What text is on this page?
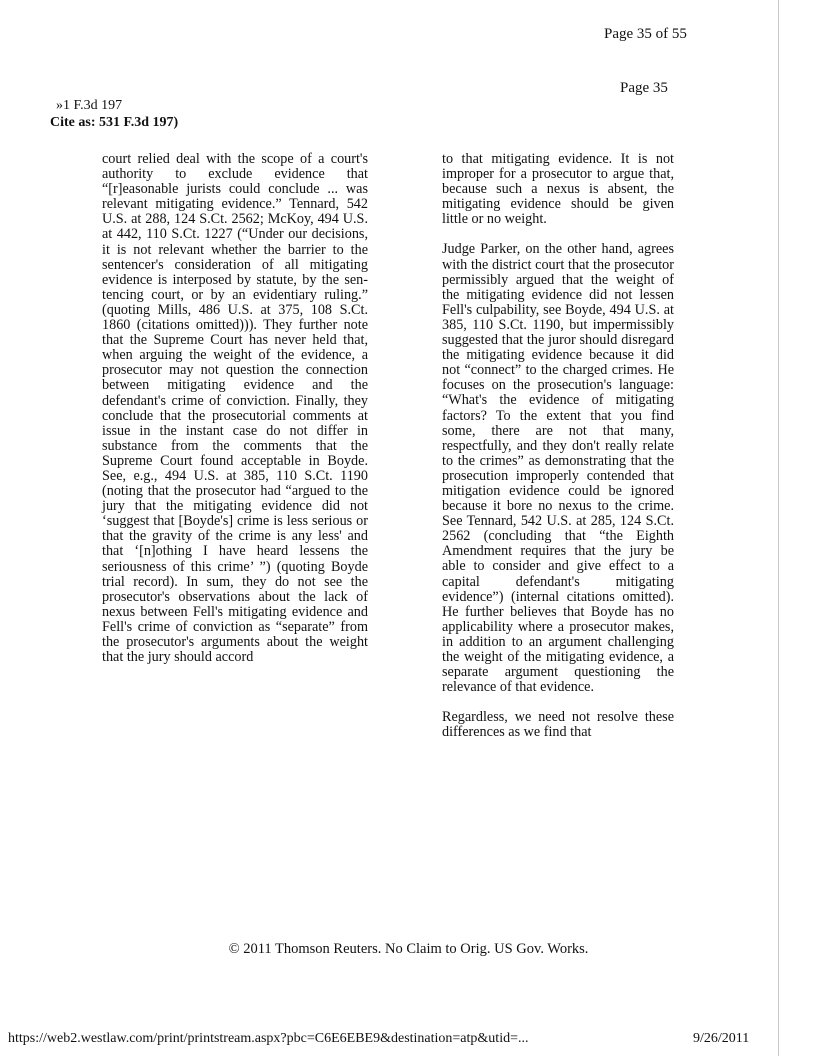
Page 35 of 55
Page 35
»1 F.3d 197
Cite as: 531 F.3d 197)

court relied deal with the scope of a court's authority to exclude evidence that “[r]easonable jurists could conclude ... was relevant mitigating evidence.” Tennard, 542 U.S. at 288, 124 S.Ct. 2562; McKoy, 494 U.S. at 442, 110 S.Ct. 1227 (“Under our decisions, it is not relevant whether the barrier to the sentencer's consideration of all mitigating evidence is interposed by statute, by the sentencing court, or by an evidentiary ruling.” (quoting Mills, 486 U.S. at 375, 108 S.Ct. 1860 (citations omitted))). They further note that the Supreme Court has never held that, when arguing the weight of the evidence, a prosecutor may not question the connection between mitigating evidence and the defendant's crime of conviction. Finally, they conclude that the prosecutorial comments at issue in the instant case do not differ in substance from the comments that the Supreme Court found acceptable in Boyde. See, e.g., 494 U.S. at 385, 110 S.Ct. 1190 (noting that the prosecutor had “argued to the jury that the mitigating evidence did not ‘suggest that [Boyde's] crime is less serious or that the gravity of the crime is any less' and that ‘[n]othing I have heard lessens the seriousness of this crime’ ”) (quoting Boyde trial record). In sum, they do not see the prosecutor's observations about the lack of nexus between Fell's mitigating evidence and Fell's crime of conviction as “separate” from the prosecutor's arguments about the weight that the jury should accord

to that mitigating evidence. It is not improper for a prosecutor to argue that, because such a nexus is absent, the mitigating evidence should be given little or no weight.

Judge Parker, on the other hand, agrees with the district court that the prosecutor permissibly argued that the weight of the mitigating evidence did not lessen Fell's culpability, see Boyde, 494 U.S. at 385, 110 S.Ct. 1190, but impermissibly suggested that the juror should disregard the mitigating evidence because it did not “connect” to the charged crimes. He focuses on the prosecution's language: “What's the evidence of mitigating factors? To the extent that you find some, there are not that many, respectfully, and they don't really relate to the crimes” as demonstrating that the prosecution improperly contended that mitigation evidence could be ignored because it bore no nexus to the crime. See Tennard, 542 U.S. at 285, 124 S.Ct. 2562 (concluding that “the Eighth Amendment requires that the jury be able to consider and give effect to a capital defendant's mitigating evidence”) (internal citations omitted). He further believes that Boyde has no applicability where a prosecutor makes, in addition to an argument challenging the weight of the mitigating evidence, a separate argument questioning the relevance of that evidence.

Regardless, we need not resolve these differences as we find that

© 2011 Thomson Reuters. No Claim to Orig. US Gov. Works.
https://web2.westlaw.com/print/printstream.aspx?pbc=C6E6EBE9&destination=atp&utid=...	9/26/2011
